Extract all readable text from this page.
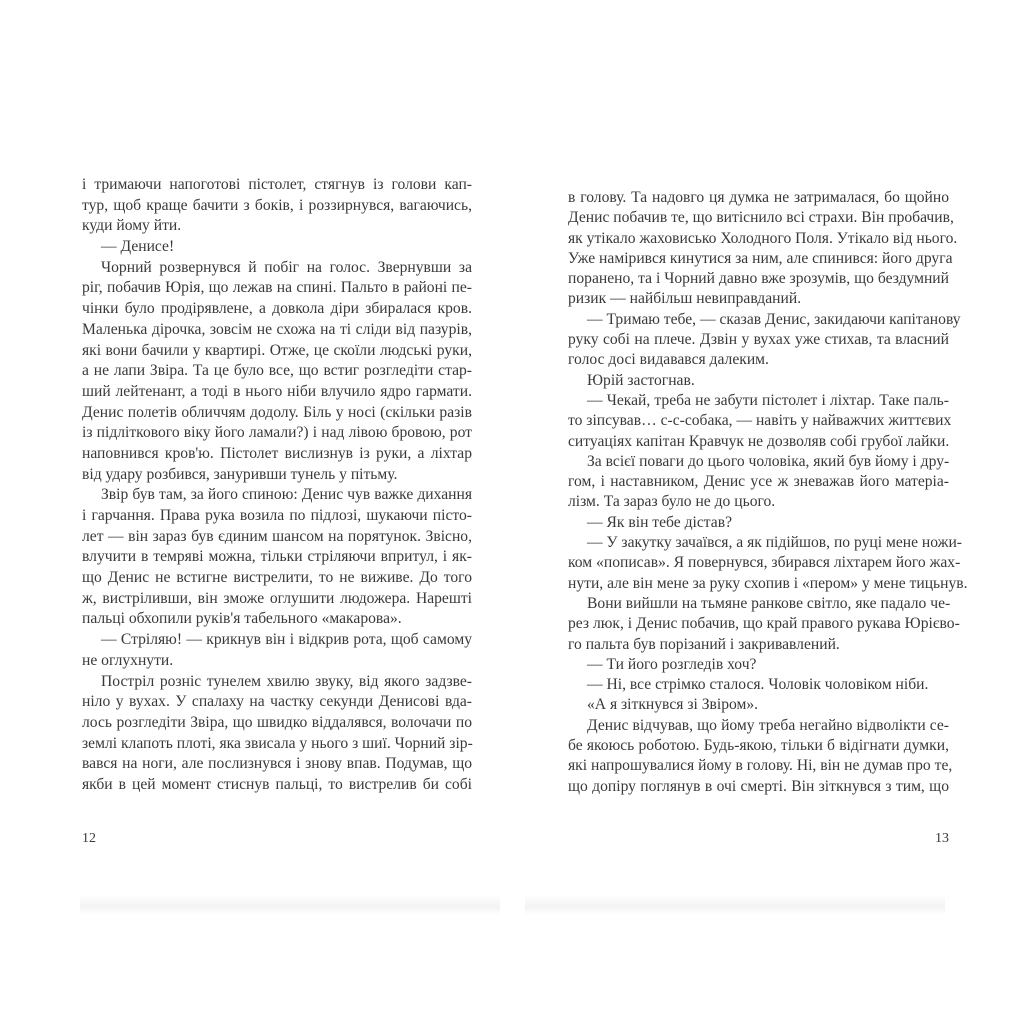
і тримаючи напоготові пістолет, стягнув із голови кап-
тур, щоб краще бачити з боків, і роззирнувся, вагаючись,
куди йому йти.
— Денисе!
Чорний розвернувся й побіг на голос. Звернувши за
ріг, побачив Юрія, що лежав на спині. Пальто в районі пе-
чінки було продірявлене, а довкола діри збиралася кров.
Маленька дірочка, зовсім не схожа на ті сліди від пазурів,
які вони бачили у квартирі. Отже, це скоїли людські руки,
а не лапи Звіра. Та це було все, що встиг розгледіти стар-
ший лейтенант, а тоді в нього ніби влучило ядро гармати.
Денис полетів обличчям додолу. Біль у носі (скільки разів
із підліткового віку його ламали?) і над лівою бровою, рот
наповнився кров'ю. Пістолет вислизнув із руки, а ліхтар
від удару розбився, зануривши тунель у пітьму.
Звір був там, за його спиною: Денис чув важке дихання
і гарчання. Права рука возила по підлозі, шукаючи пісто-
лет — він зараз був єдиним шансом на порятунок. Звісно,
влучити в темряві можна, тільки стріляючи впритул, і як-
що Денис не встигне вистрелити, то не виживе. До того
ж, вистріливши, він зможе оглушити людожера. Нарешті
пальці обхопили руків'я табельного «макарова».
— Стріляю! — крикнув він і відкрив рота, щоб самому
не оглухнути.
Постріл розніс тунелем хвилю звуку, від якого задзве-
ніло у вухах. У спалаху на частку секунди Денисові вда-
лось розгледіти Звіра, що швидко віддалявся, волочачи по
землі клапоть плоті, яка звисала у нього з шиї. Чорний зір-
вався на ноги, але послизнувся і знову впав. Подумав, що
якби в цей момент стиснув пальці, то вистрелив би собі
в голову. Та надовго ця думка не затрималася, бо щойно
Денис побачив те, що витіснило всі страхи. Він пробачив,
як утікало жаховисько Холодного Поля. Утікало від нього.
Уже намірився кинутися за ним, але спинився: його друга
поранено, та і Чорний давно вже зрозумів, що бездумний
ризик — найбільш невиправданий.
— Тримаю тебе, — сказав Денис, закидаючи капітанову
руку собі на плече. Дзвін у вухах уже стихав, та власний
голос досі видавався далеким.
Юрій застогнав.
— Чекай, треба не забути пістолет і ліхтар. Таке паль-
то зіпсував… с-с-собака, — навіть у найважчих життєвих
ситуаціях капітан Кравчук не дозволяв собі грубої лайки.
За всієї поваги до цього чоловіка, який був йому і дру-
гом, і наставником, Денис усе ж зневажав його матеріа-
лізм. Та зараз було не до цього.
— Як він тебе дістав?
— У закутку зачаївся, а як підійшов, по руці мене ножи-
ком «пописав». Я повернувся, збирався ліхтарем його жах-
нути, але він мене за руку схопив і «пером» у мене тицьнув.
Вони вийшли на тьмяне ранкове світло, яке падало че-
рез люк, і Денис побачив, що край правого рукава Юрієво-
го пальта був порізаний і закривавлений.
— Ти його розгледів хоч?
— Ні, все стрімко сталося. Чоловік чоловіком ніби.
«А я зіткнувся зі Звіром».
Денис відчував, що йому треба негайно відволікти се-
бе якоюсь роботою. Будь-якою, тільки б відігнати думки,
які напрошувалися йому в голову. Ні, він не думав про те,
що допіру поглянув в очі смерті. Він зіткнувся з тим, що
12	13
